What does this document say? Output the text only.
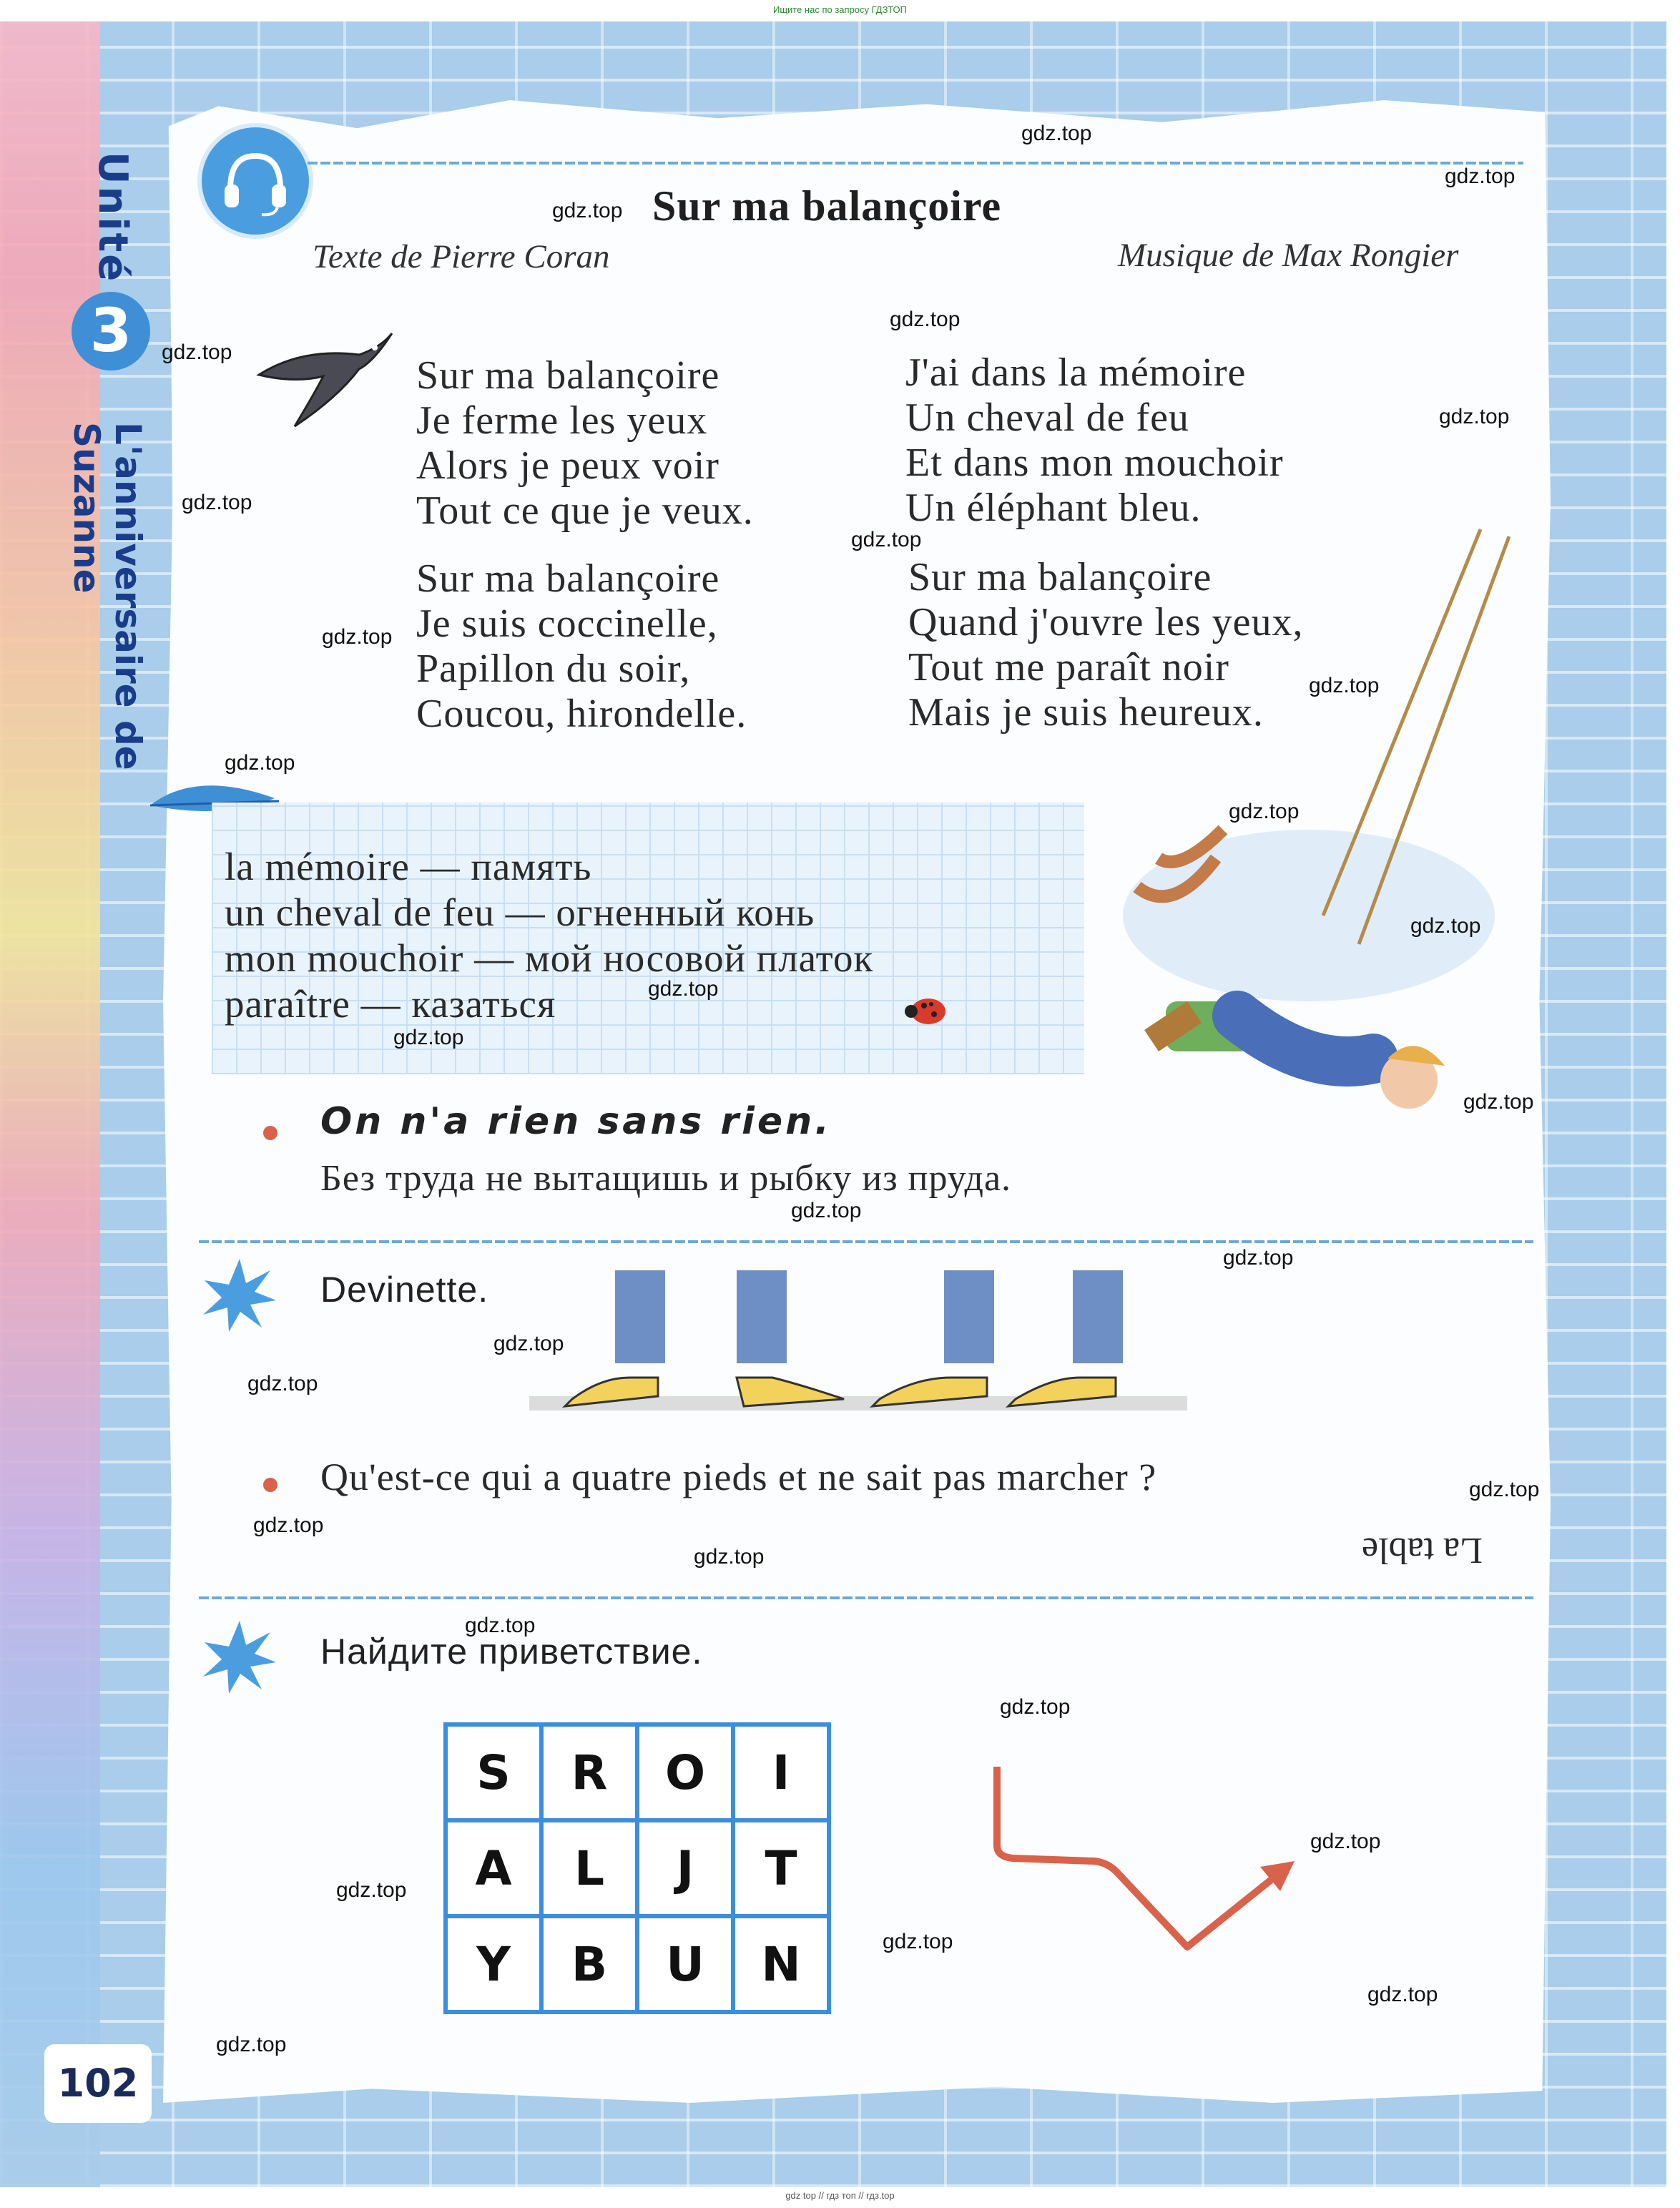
Ищите нас по запросу ГДЗТОП
Unité
3
L'anniversaire de Suzanne
Sur ma balançoire
Texte de Pierre Coran	Musique de Max Rongier
Sur ma balançoire
Je ferme les yeux
Alors je peux voir
Tout ce que je veux.
J'ai dans la mémoire
Un cheval de feu
Et dans mon mouchoir
Un éléphant bleu.
Sur ma balançoire
Je suis coccinelle,
Papillon du soir,
Coucou, hirondelle.
Sur ma balançoire
Quand j'ouvre les yeux,
Tout me paraît noir
Mais je suis heureux.
la mémoire — память
un cheval de feu — огненный конь
mon mouchoir — мой носовой платок
paraître — казаться
On n'a rien sans rien.
Без труда не вытащишь и рыбку из пруда.
Devinette.
Qu'est-ce qui a quatre pieds et ne sait pas marcher ?
La table
Найдите приветствие.
S	R	O	I
A	L	J	T
Y	B	U	N
102
gdz.top
gdz.top
gdz.top
gdz.top
gdz.top
gdz.top
gdz.top
gdz.top
gdz.top
gdz.top
gdz.top
gdz.top
gdz.top
gdz.top
gdz.top
gdz.top
gdz.top
gdz.top
gdz.top
gdz.top
gdz.top
gdz.top
gdz.top
gdz.top
gdz.top
gdz.top
gdz.top
gdz.top
gdz.top
gdz.top
gdz top // гдз топ // гдз.top
